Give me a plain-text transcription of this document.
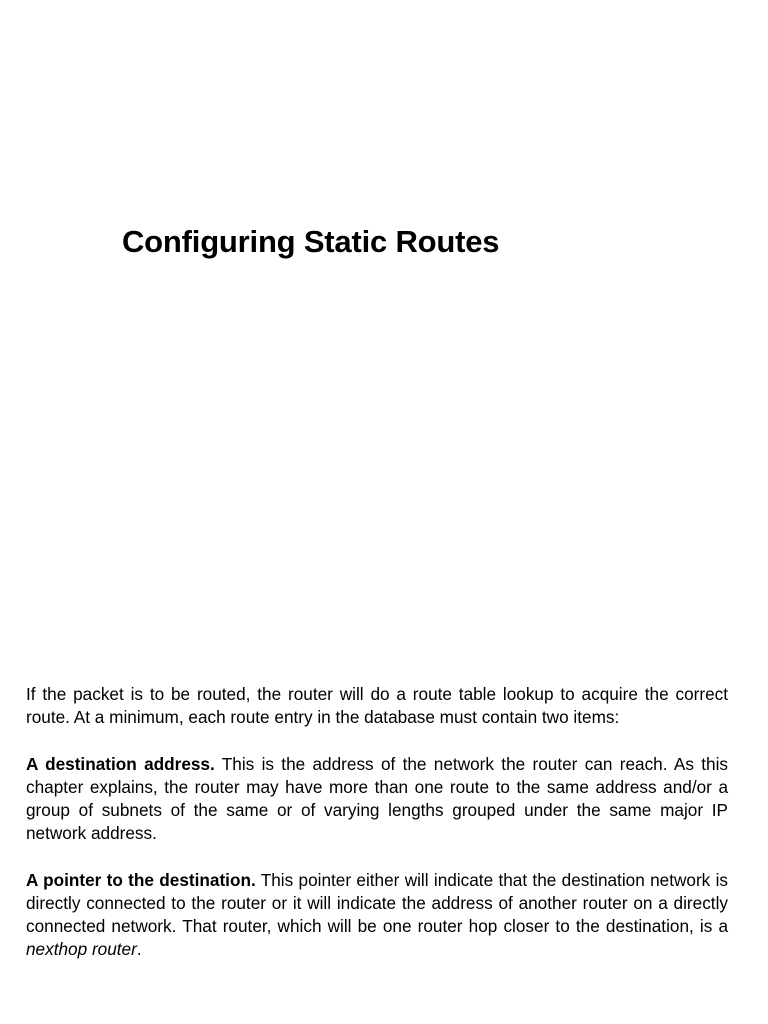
Configuring Static Routes

If the packet is to be routed, the router will do a route table lookup to acquire the correct route. At a minimum, each route entry in the database must contain two items:

A destination address. This is the address of the network the router can reach. As this chapter explains, the router may have more than one route to the same address and/or a group of subnets of the same or of varying lengths grouped under the same major IP network address.

A pointer to the destination. This pointer either will indicate that the destination network is directly connected to the router or it will indicate the address of another router on a directly connected network. That router, which will be one router hop closer to the destination, is a nexthop router.
